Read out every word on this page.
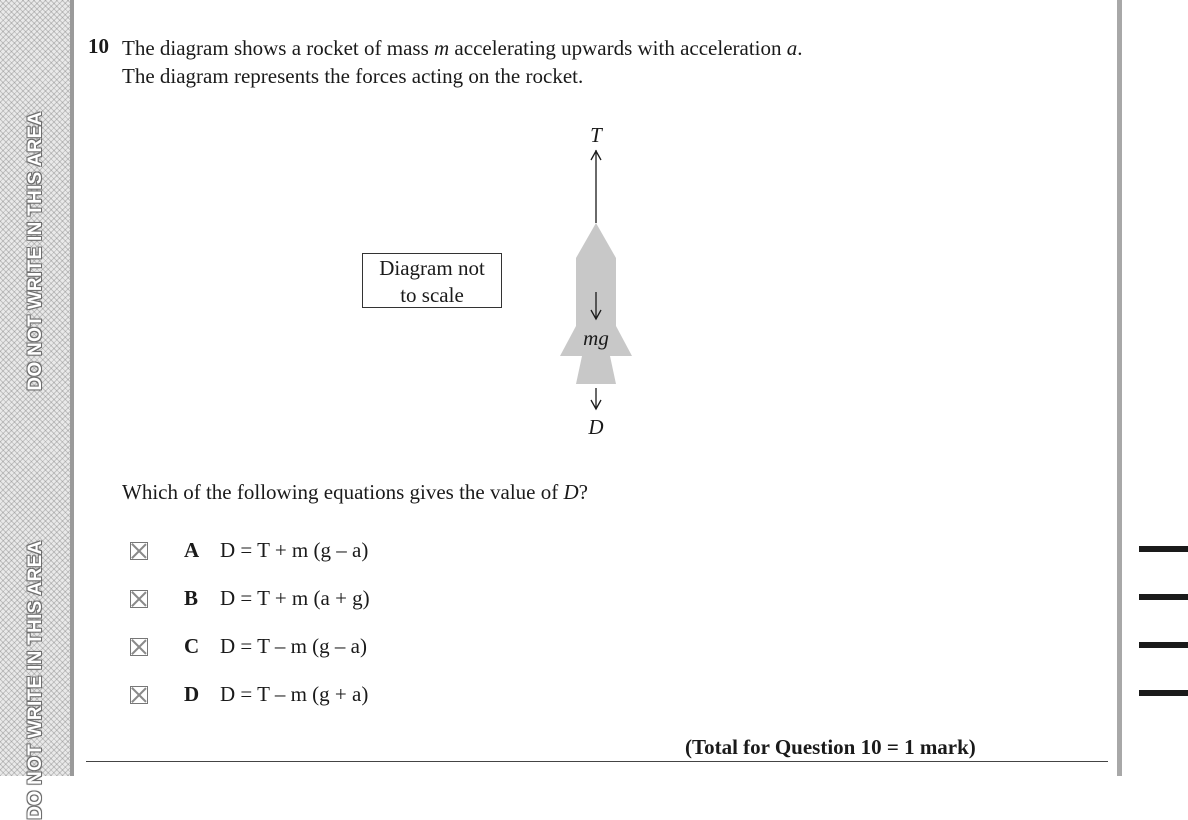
DO NOT WRITE IN THIS AREA
DO NOT WRITE IN THIS AREA
10 The diagram shows a rocket of mass m accelerating upwards with acceleration a.
The diagram represents the forces acting on the rocket.
Diagram not
to scale
T
mg
D
Which of the following equations gives the value of D?
A D = T + m (g – a)
B D = T + m (a + g)
C D = T – m (g – a)
D D = T – m (g + a)
(Total for Question 10 = 1 mark)
